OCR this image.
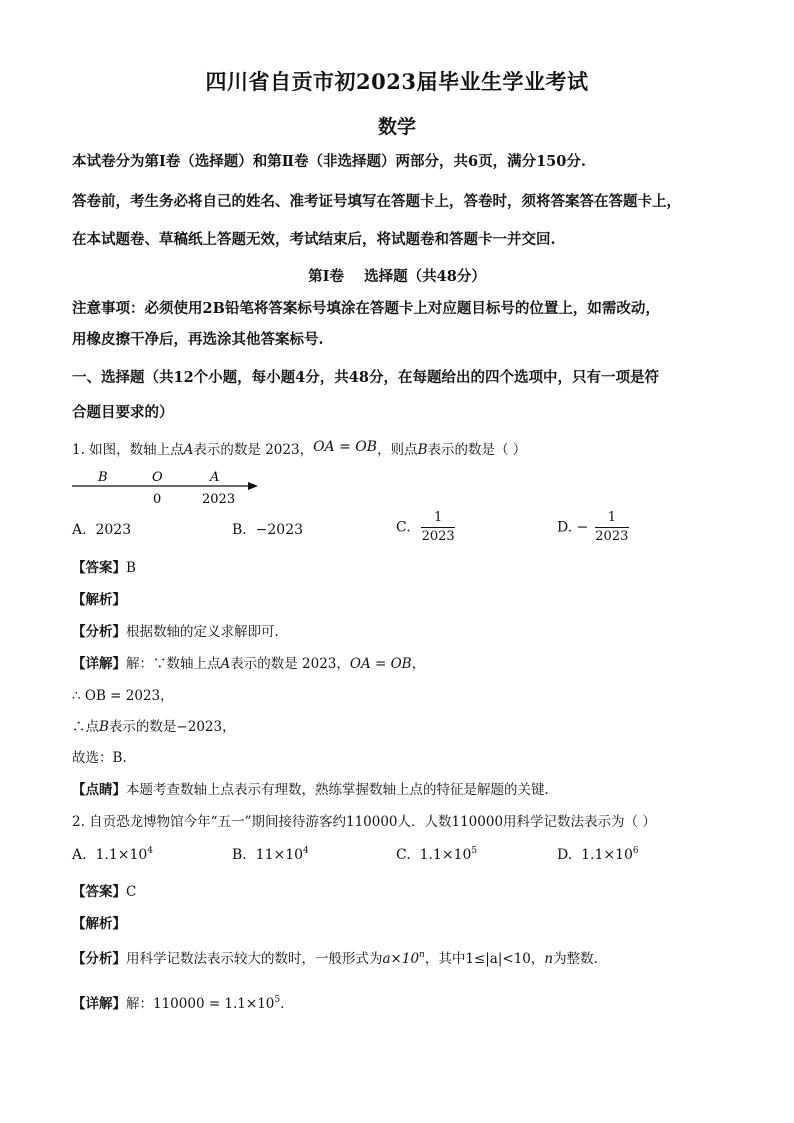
四川省自贡市初2023届毕业生学业考试
数学
本试卷分为第Ⅰ卷（选择题）和第Ⅱ卷（非选择题）两部分，共6页，满分150分.
答卷前，考生务必将自己的姓名、准考证号填写在答题卡上，答卷时，须将答案答在答题卡上，
在本试题卷、草稿纸上答题无效，考试结束后，将试题卷和答题卡一并交回.
第Ⅰ卷    选择题（共48分）
注意事项：必须使用2B铅笔将答案标号填涂在答题卡上对应题目标号的位置上，如需改动，
用橡皮擦干净后，再选涂其他答案标号.
一、选择题（共12个小题，每小题4分，共48分，在每题给出的四个选项中，只有一项是符
合题目要求的）
1. 如图，数轴上点A表示的数是 2023，OA = OB，则点B表示的数是（ ）
B	O	A
0	2023
A. 2023	B. −2023	C. $\frac{1}{2023}$	D. − $\frac{1}{2023}$
【答案】B
【解析】
【分析】根据数轴的定义求解即可.
【详解】解：∵数轴上点A表示的数是 2023，OA = OB，
∴ OB = 2023，
∴点B表示的数是−2023，
故选：B.
【点睛】本题考查数轴上点表示有理数，熟练掌握数轴上点的特征是解题的关键.
2. 自贡恐龙博物馆今年“五一”期间接待游客约110000人．人数110000用科学记数法表示为（ ）
A. $1.1\times 10^4$	B. $11\times 10^4$	C. $1.1\times 10^5$	D. $1.1\times 10^6$
【答案】C
【解析】
【分析】用科学记数法表示较大的数时，一般形式为$a\times 10^n$，其中1≤|a|<10，n为整数.
【详解】解：$110000 = 1.1\times 10^5$.
